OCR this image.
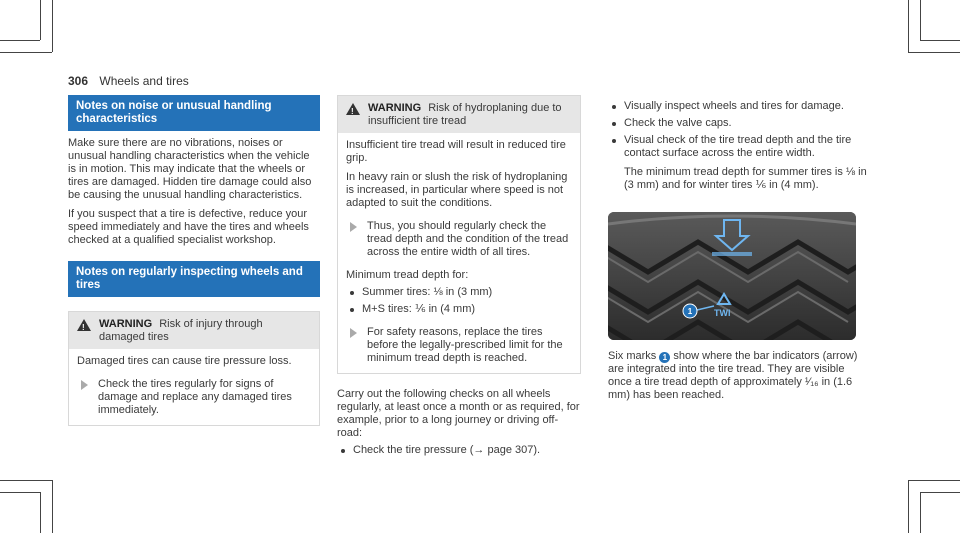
306 Wheels and tires
Notes on noise or unusual handling characteristics

Make sure there are no vibrations, noises or unusual handling characteristics when the vehicle is in motion. This may indicate that the wheels or tires are damaged. Hidden tire damage could also be causing the unusual handling characteristics.

If you suspect that a tire is defective, reduce your speed immediately and have the tires and wheels checked at a qualified specialist workshop.

Notes on regularly inspecting wheels and tires
!
WARNING Risk of injury through damaged tires

Damaged tires can cause tire pressure loss.

Check the tires regularly for signs of damage and replace any damaged tires immediately.
!
WARNING Risk of hydroplaning due to insufficient tire tread

Insufficient tire tread will result in reduced tire grip.

In heavy rain or slush the risk of hydroplaning is increased, in particular where speed is not adapted to suit the conditions.

Thus, you should regularly check the tread depth and the condition of the tread across the entire width of all tires.

Minimum tread depth for:

Summer tires: ⅛ in (3 mm)
M+S tires: ⅙ in (4 mm)
For safety reasons, replace the tires before the legally-prescribed limit for the minimum tread depth is reached.

Carry out the following checks on all wheels regularly, at least once a month or as required, for example, prior to a long journey or driving off-road:

Check the tire pressure (→ page 307).
Visually inspect wheels and tires for damage.
Check the valve caps.
Visual check of the tire tread depth and the tire contact surface across the entire width.

The minimum tread depth for summer tires is ⅛ in (3 mm) and for winter tires ⅙ in (4 mm).

TWI
1

Six marks 1 show where the bar indicators (arrow) are integrated into the tire tread. They are visible once a tire tread depth of approximately ¹⁄₁₆ in (1.6 mm) has been reached.
